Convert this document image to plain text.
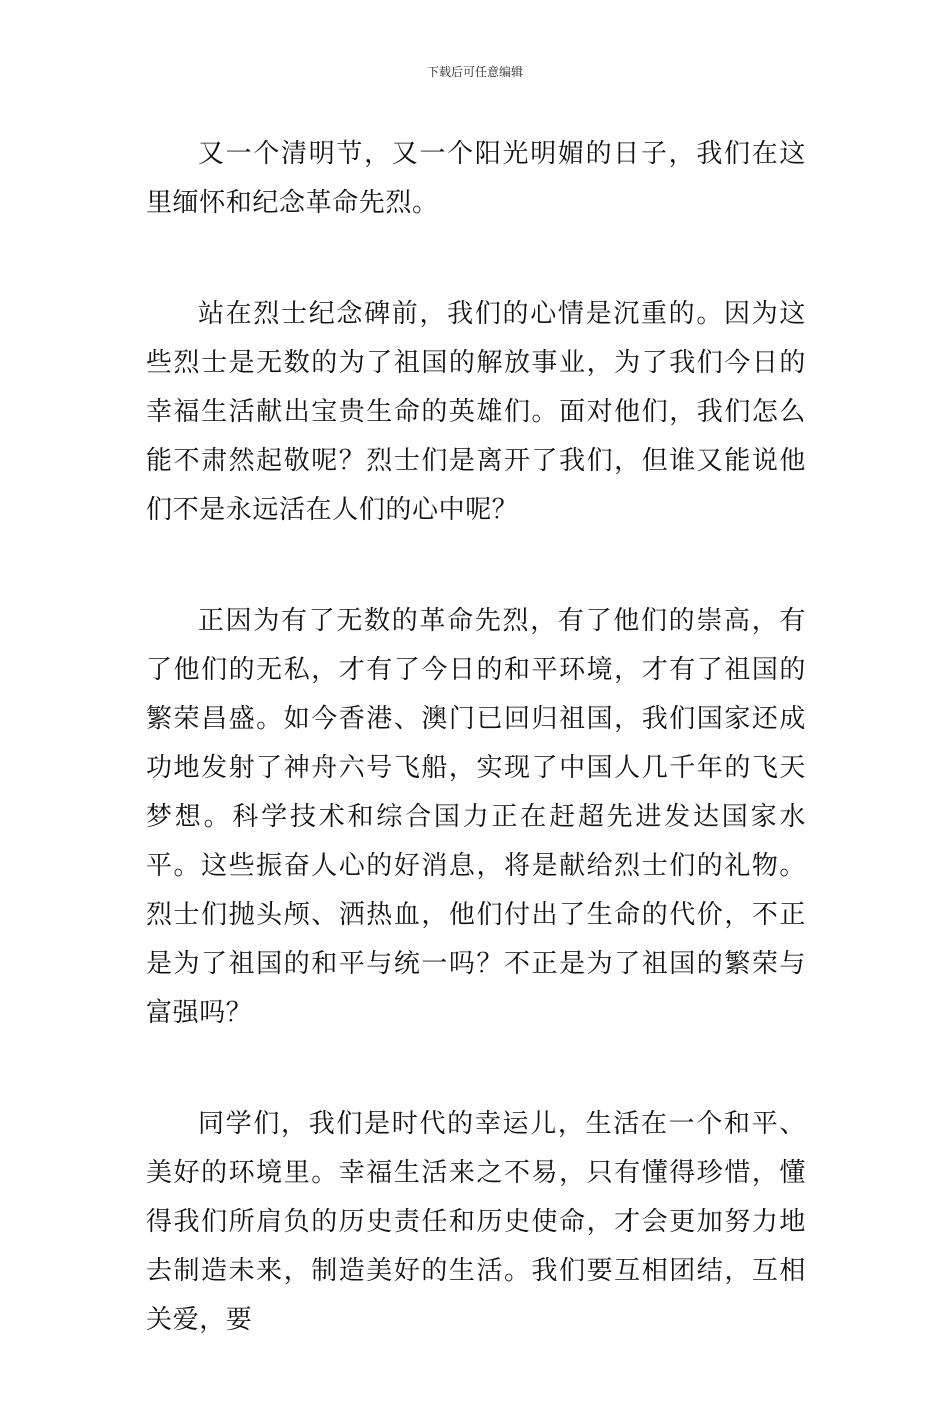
下载后可任意编辑

又一个清明节，又一个阳光明媚的日子，我们在这里缅怀和纪念革命先烈。

站在烈士纪念碑前，我们的心情是沉重的。因为这些烈士是无数的为了祖国的解放事业，为了我们今日的幸福生活献出宝贵生命的英雄们。面对他们，我们怎么能不肃然起敬呢？烈士们是离开了我们，但谁又能说他们不是永远活在人们的心中呢？

正因为有了无数的革命先烈，有了他们的崇高，有了他们的无私，才有了今日的和平环境，才有了祖国的繁荣昌盛。如今香港、澳门已回归祖国，我们国家还成功地发射了神舟六号飞船，实现了中国人几千年的飞天梦想。科学技术和综合国力正在赶超先进发达国家水平。这些振奋人心的好消息，将是献给烈士们的礼物。烈士们抛头颅、洒热血，他们付出了生命的代价，不正是为了祖国的和平与统一吗？不正是为了祖国的繁荣与富强吗？

同学们，我们是时代的幸运儿，生活在一个和平、美好的环境里。幸福生活来之不易，只有懂得珍惜，懂得我们所肩负的历史责任和历史使命，才会更加努力地去制造未来，制造美好的生活。我们要互相团结，互相关爱，要
